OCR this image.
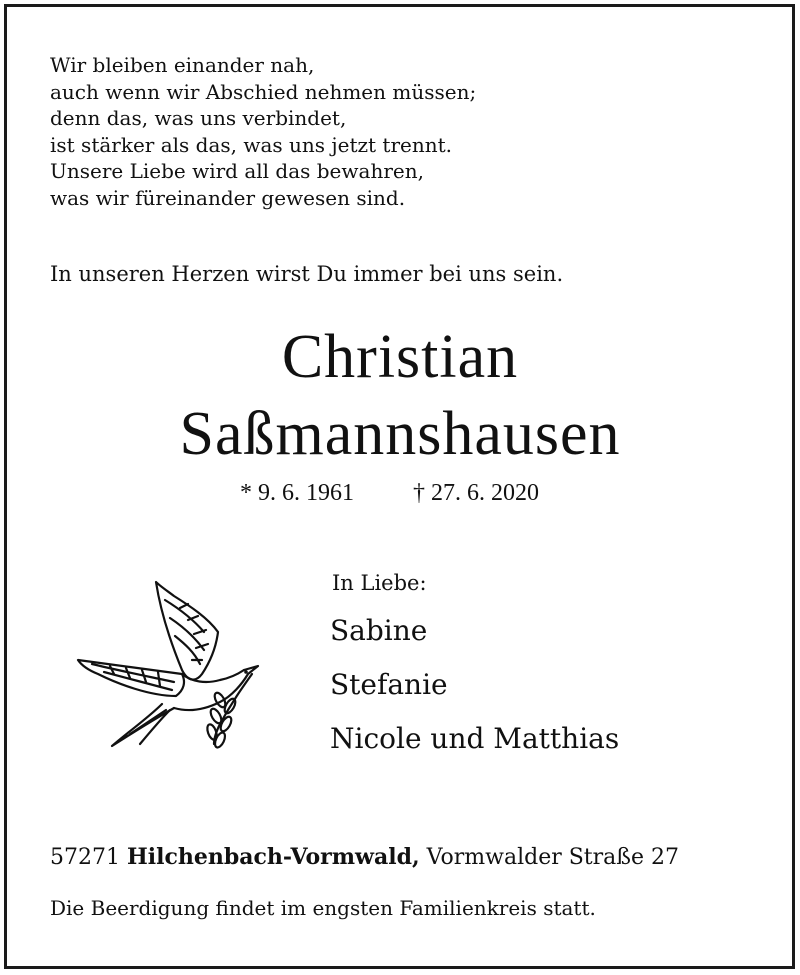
Wir bleiben einander nah,
auch wenn wir Abschied nehmen müssen;
denn das, was uns verbindet,
ist stärker als das, was uns jetzt trennt.
Unsere Liebe wird all das bewahren,
was wir füreinander gewesen sind.
In unseren Herzen wirst Du immer bei uns sein.
Christian
Saßmannshausen
* 9. 6. 1961 † 27. 6. 2020
In Liebe:
Sabine
Stefanie
Nicole und Matthias
57271 Hilchenbach-Vormwald, Vormwalder Straße 27
Die Beerdigung findet im engsten Familienkreis statt.
